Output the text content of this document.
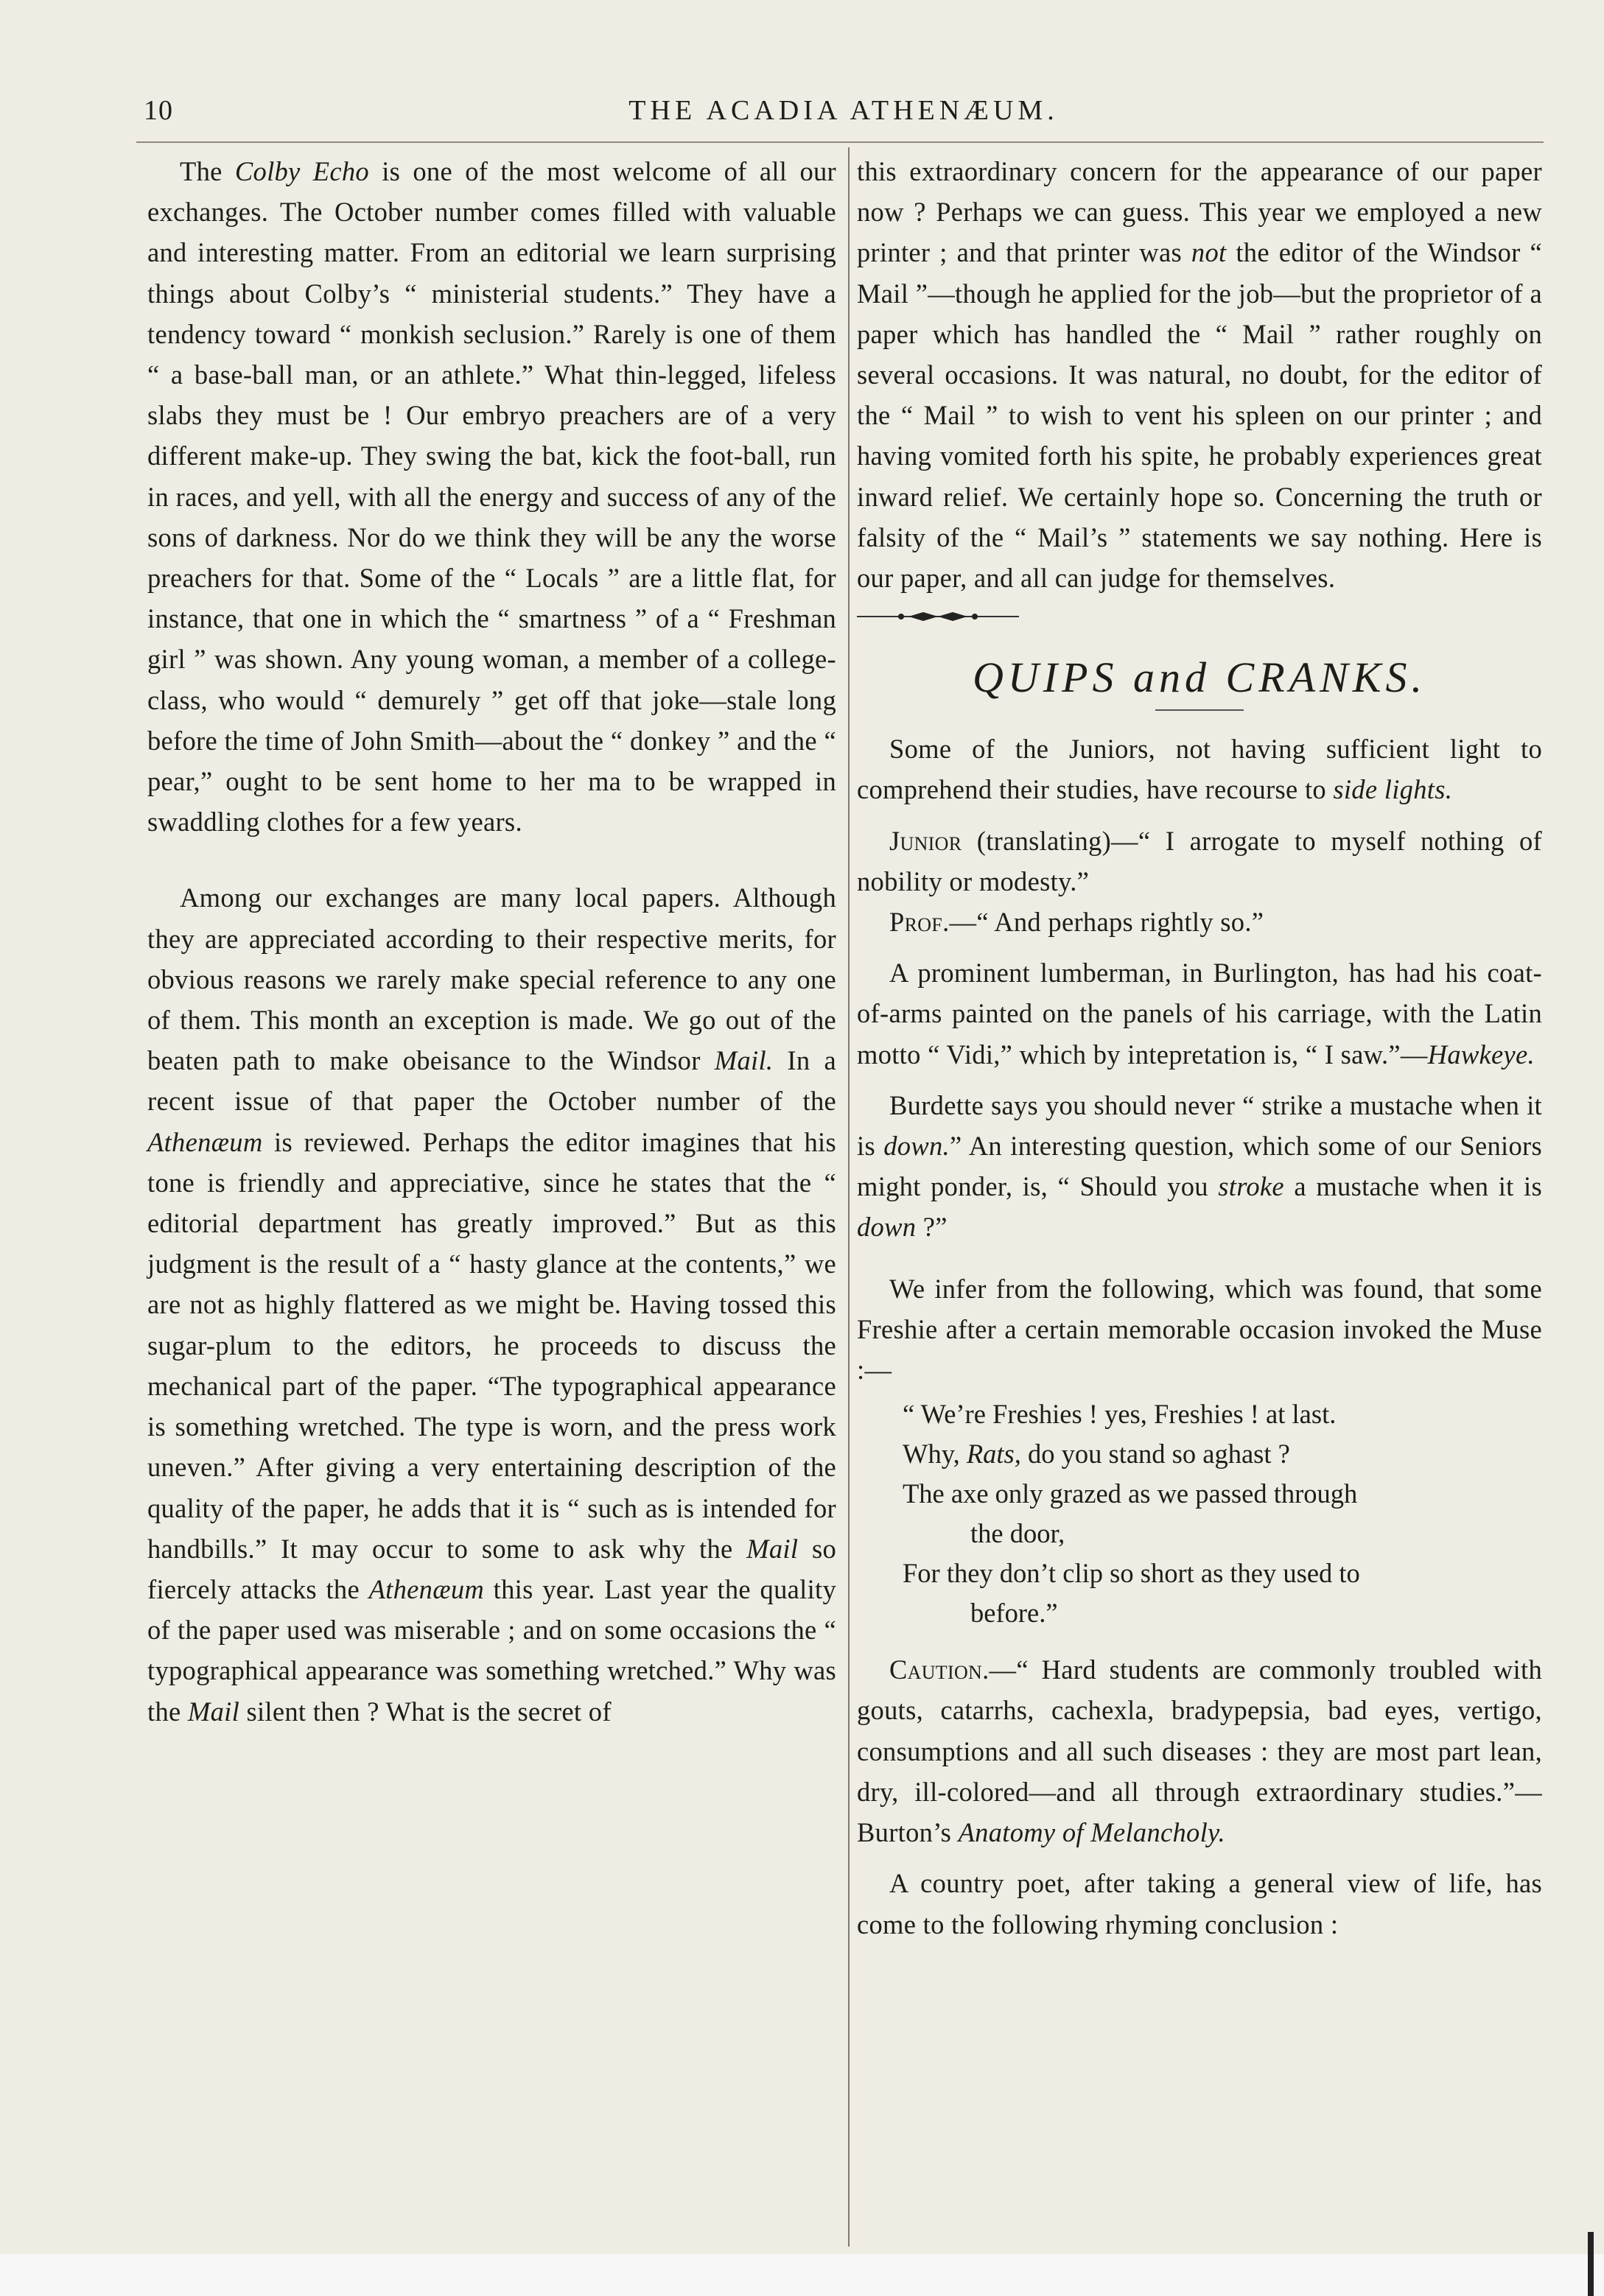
10	THE ACADIA ATHENÆUM.

The Colby Echo is one of the most welcome of all our exchanges. The October number comes filled with valuable and interesting matter. From an editorial we learn surprising things about Colby’s “ ministerial students.” They have a tendency toward “ monkish seclusion.” Rarely is one of them “ a base-ball man, or an athlete.” What thin-legged, lifeless slabs they must be ! Our embryo preachers are of a very different make-up. They swing the bat, kick the foot-ball, run in races, and yell, with all the energy and success of any of the sons of darkness. Nor do we think they will be any the worse preachers for that. Some of the “ Locals ” are a little flat, for instance, that one in which the “ smartness ” of a “ Freshman girl ” was shown. Any young woman, a member of a college-class, who would “ demurely ” get off that joke—stale long before the time of John Smith—about the “ donkey ” and the “ pear,” ought to be sent home to her ma to be wrapped in swaddling clothes for a few years.

Among our exchanges are many local papers. Although they are appreciated according to their respective merits, for obvious reasons we rarely make special reference to any one of them. This month an exception is made. We go out of the beaten path to make obeisance to the Windsor Mail. In a recent issue of that paper the October number of the Athenæum is reviewed. Perhaps the editor imagines that his tone is friendly and appreciative, since he states that the “ editorial department has greatly improved.” But as this judgment is the result of a “ hasty glance at the contents,” we are not as highly flattered as we might be. Having tossed this sugar-plum to the editors, he proceeds to discuss the mechanical part of the paper. “The typographical appearance is something wretched. The type is worn, and the press work uneven.” After giving a very entertaining description of the quality of the paper, he adds that it is “ such as is intended for handbills.” It may occur to some to ask why the Mail so fiercely attacks the Athenæum this year. Last year the quality of the paper used was miserable ; and on some occasions the “ typographical appearance was something wretched.” Why was the Mail silent then ? What is the secret of

this extraordinary concern for the appearance of our paper now ? Perhaps we can guess. This year we employed a new printer ; and that printer was not the editor of the Windsor “ Mail ”—though he applied for the job—but the proprietor of a paper which has handled the “ Mail ” rather roughly on several occasions. It was natural, no doubt, for the editor of the “ Mail ” to wish to vent his spleen on our printer ; and having vomited forth his spite, he probably experiences great inward relief. We certainly hope so. Concerning the truth or falsity of the “ Mail’s ” statements we say nothing. Here is our paper, and all can judge for themselves.

QUIPS and CRANKS.

Some of the Juniors, not having sufficient light to comprehend their studies, have recourse to side lights.

Junior (translating)—“ I arrogate to myself nothing of nobility or modesty.”

Prof.—“ And perhaps rightly so.”

A prominent lumberman, in Burlington, has had his coat-of-arms painted on the panels of his carriage, with the Latin motto “ Vidi,” which by intepretation is, “ I saw.”—Hawkeye.

Burdette says you should never “ strike a mustache when it is down.” An interesting question, which some of our Seniors might ponder, is, “ Should you stroke a mustache when it is down ?”

We infer from the following, which was found, that some Freshie after a certain memorable occasion invoked the Muse :—

“ We’re Freshies ! yes, Freshies ! at last.
Why, Rats, do you stand so aghast ?
The axe only grazed as we passed through
the door,
For they don’t clip so short as they used to
before.”

Caution.—“ Hard students are commonly troubled with gouts, catarrhs, cachexla, bradypepsia, bad eyes, vertigo, consumptions and all such diseases : they are most part lean, dry, ill-colored—and all through extraordinary studies.”—Burton’s Anatomy of Melancholy.

A country poet, after taking a general view of life, has come to the following rhyming conclusion :
